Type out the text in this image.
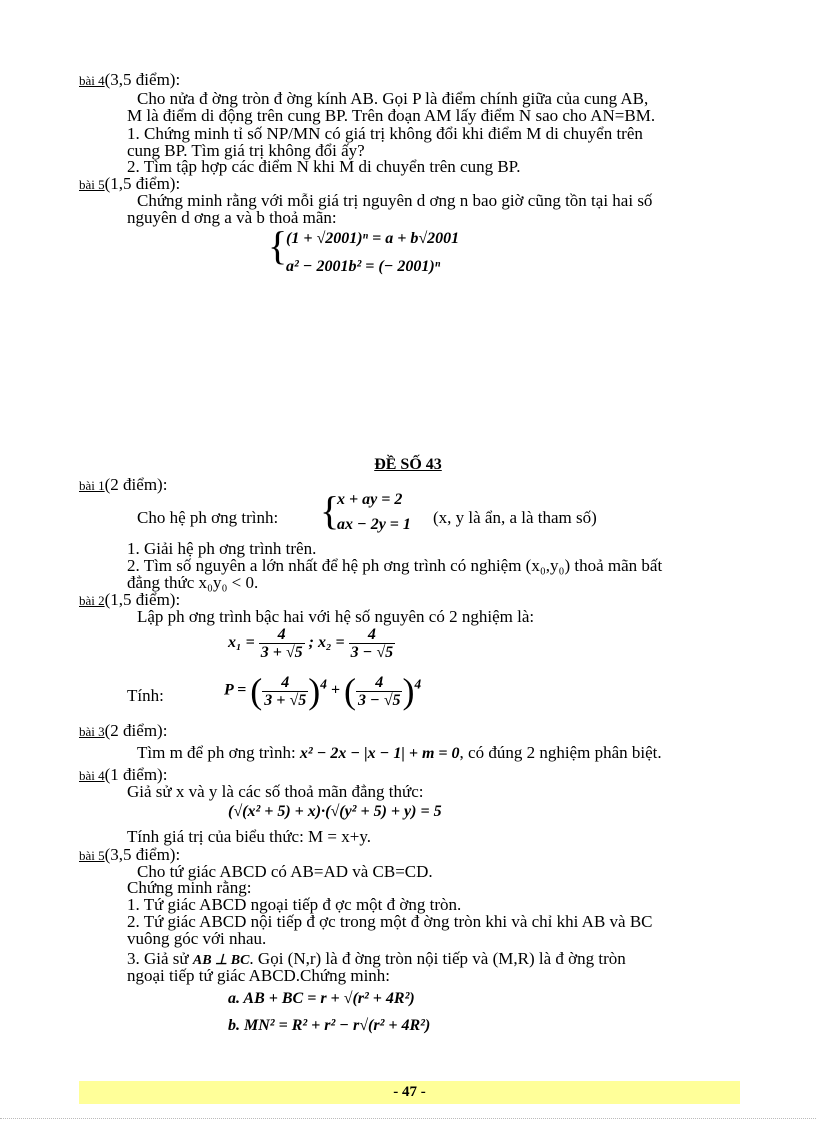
bài 4(3,5 điểm):
Cho nửa đ ờng tròn đ ờng kính AB. Gọi P là điểm chính giữa của cung AB,
M là điểm di động trên cung BP. Trên đoạn AM lấy điểm N sao cho AN=BM.
1. Chứng minh tỉ số NP/MN có giá trị không đổi khi điểm M di chuyển trên
cung BP. Tìm giá trị không đổi ấy?
2. Tìm tập hợp các điểm N khi M di chuyển trên cung BP.
bài 5(1,5 điểm):
Chứng minh rằng với mỗi giá trị nguyên d ơng n bao giờ cũng tồn tại hai số
nguyên d ơng a và b thoả mãn:
{
(1 + √2001)ⁿ = a + b√2001
a² − 2001b² = (− 2001)ⁿ
ĐỀ SỐ 43
bài 1(2 điểm):
Cho hệ ph ơng trình: {
x + ay = 2
ax − 2y = 1 (x, y là ẩn, a là tham số)
1. Giải hệ ph ơng trình trên.
2. Tìm số nguyên a lớn nhất để hệ ph ơng trình có nghiệm (x₀,y₀) thoả mãn bất
đẳng thức x₀y₀ < 0.
bài 2(1,5 điểm):
Lập ph ơng trình bậc hai với hệ số nguyên có 2 nghiệm là:
$x_1 = \frac{4}{3 + √5}$ ; $x_2 = \frac{4}{3 - √5}$
Tính:	P = ( $\frac{4}{3 + √5} )^4$ + ( $\frac{4}{3 - √5} )^4$
bài 3(2 điểm):
Tìm m để ph ơng trình: x² − 2x − |x − 1| + m = 0, có đúng 2 nghiệm phân biệt.
bài 4(1 điểm):
Giả sử x và y là các số thoả mãn đẳng thức:
(√(x² + 5) + x)·(√(y² + 5) + y) = 5
Tính giá trị của biểu thức: M = x+y.
bài 5(3,5 điểm):
Cho tứ giác ABCD có AB=AD và CB=CD.
Chứng minh rằng:
1. Tứ giác ABCD ngoại tiếp đ ợc một đ ờng tròn.
2. Tứ giác ABCD nội tiếp đ ợc trong một đ ờng tròn khi và chỉ khi AB và BC
vuông góc với nhau.
3. Giả sử AB ⊥ BC. Gọi (N,r) là đ ờng tròn nội tiếp và (M,R) là đ ờng tròn
ngoại tiếp tứ giác ABCD.Chứng minh:
a. AB + BC = r + √(r² + 4R²)
b. MN² = R² + r² − r√(r² + 4R²)
- 47 -
